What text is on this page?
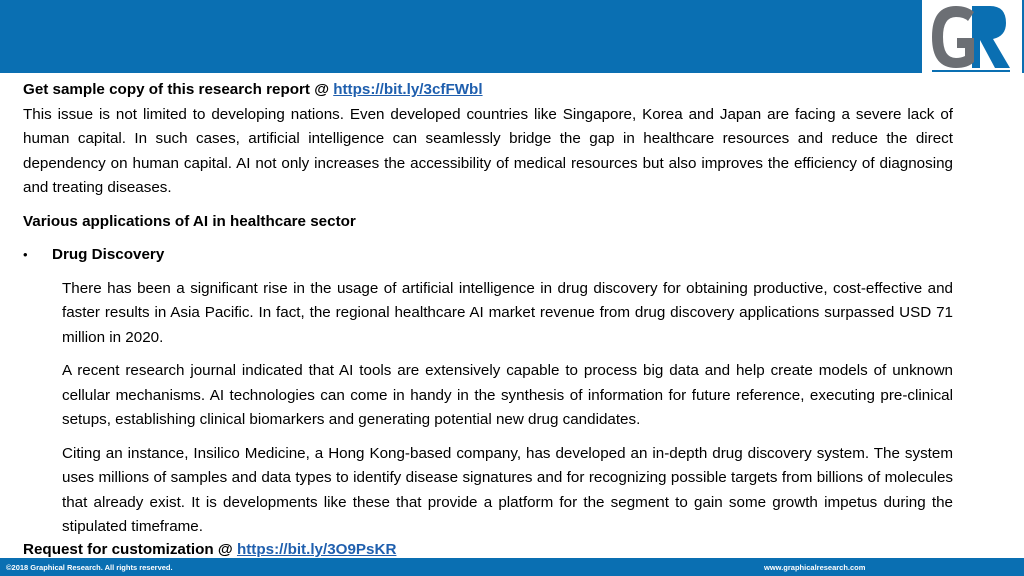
Get sample copy of this research report @ https://bit.ly/3cfFWbl

This issue is not limited to developing nations. Even developed countries like Singapore, Korea and Japan are facing a severe lack of human capital. In such cases, artificial intelligence can seamlessly bridge the gap in healthcare resources and reduce the direct dependency on human capital. AI not only increases the accessibility of medical resources but also improves the efficiency of diagnosing and treating diseases.

Various applications of AI in healthcare sector

•	Drug Discovery

There has been a significant rise in the usage of artificial intelligence in drug discovery for obtaining productive, cost-effective and faster results in Asia Pacific. In fact, the regional healthcare AI market revenue from drug discovery applications surpassed USD 71 million in 2020.

A recent research journal indicated that AI tools are extensively capable to process big data and help create models of unknown cellular mechanisms. AI technologies can come in handy in the synthesis of information for future reference, executing pre-clinical setups, establishing clinical biomarkers and generating potential new drug candidates.

Citing an instance, Insilico Medicine, a Hong Kong-based company, has developed an in-depth drug discovery system. The system uses millions of samples and data types to identify disease signatures and for recognizing possible targets from billions of molecules that already exist. It is developments like these that provide a platform for the segment to gain some growth impetus during the stipulated timeframe.

Request for customization @ https://bit.ly/3O9PsKR
©2018 Graphical Research. All rights reserved.	www.graphicalresearch.com
